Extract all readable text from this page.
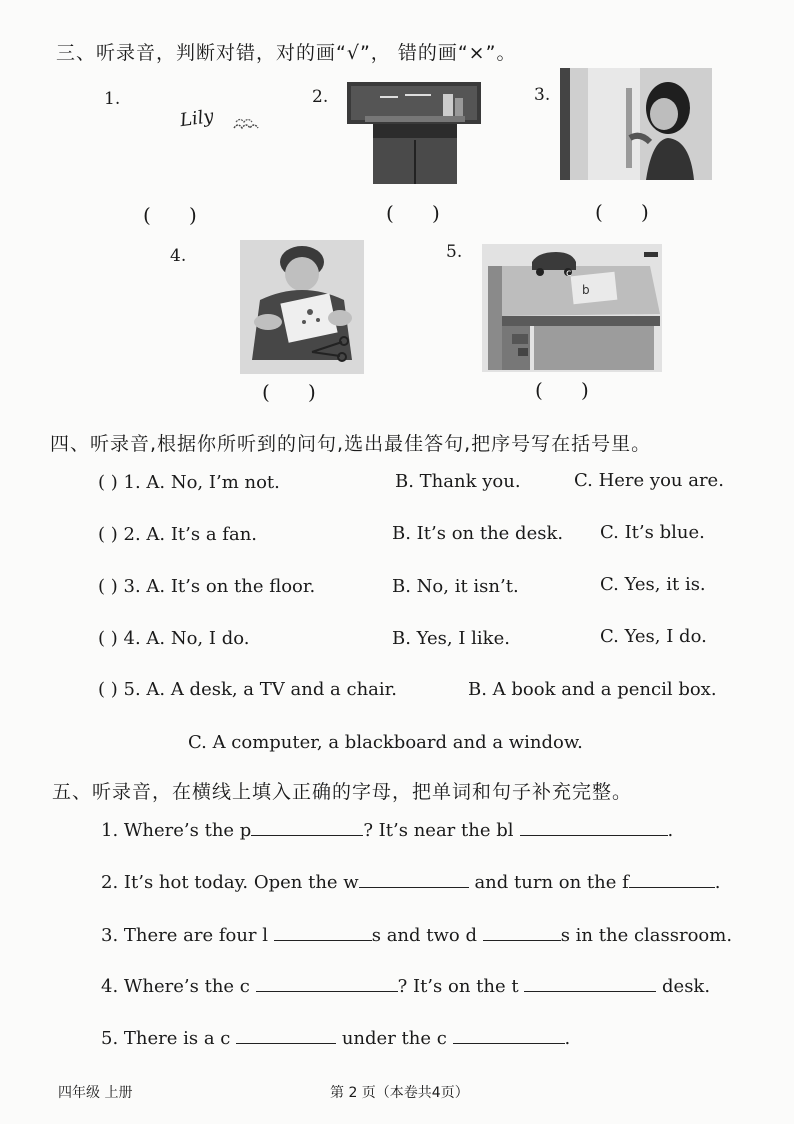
三、听录音，判断对错，对的画“√”， 错的画“×”。
1.
Lily
(      )
2.
(      )
3.
(      )
4.
(      )
5.
b
c
(      )
四、听录音,根据你所听到的问句,选出最佳答句,把序号写在括号里。
( ) 1. A. No, I’m not.	B. Thank you.	C. Here you are.
( ) 2. A. It’s a fan.	B. It’s on the desk. C. It’s blue.
( ) 3. A. It’s on the floor.	B. No, it isn’t.	C. Yes, it is.
( ) 4. A. No, I do.	B. Yes, I like.	C. Yes, I do.
( ) 5. A. A desk, a TV and a chair.	B. A book and a pencil box.
C. A computer, a blackboard and a window.
五、听录音，在横线上填入正确的字母，把单词和句子补充完整。
1. Where’s the p	? It’s near the bl	.
2. It’s hot today. Open the w	and turn on the f	.
3. There are four l	s and two d	s in the classroom.
4. Where’s the c	? It’s on the t	desk.
5. There is a c	under the c	.
四年级 上册	第 2 页（本卷共4页）
